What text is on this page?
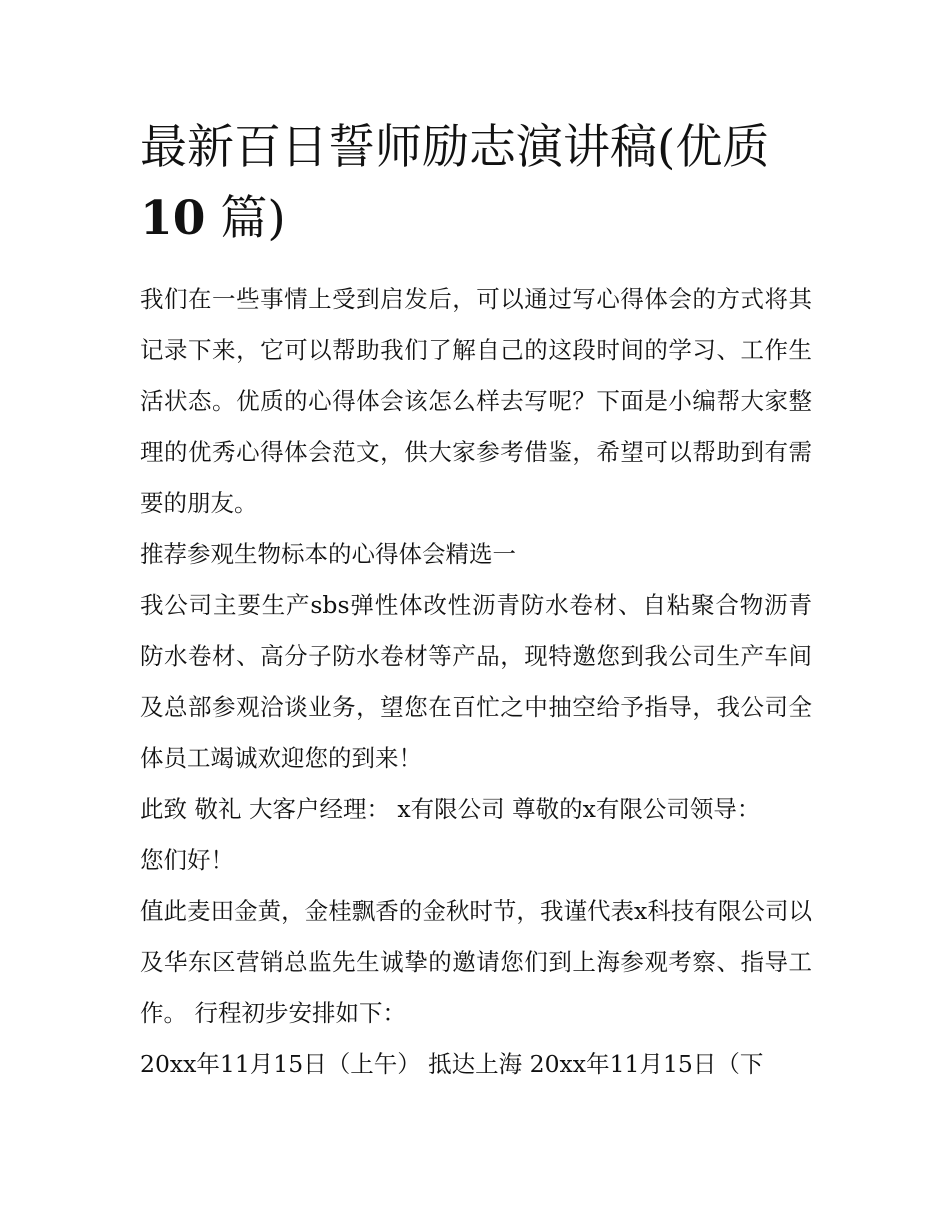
最新百日誓师励志演讲稿(优质10 篇)

我们在一些事情上受到启发后，可以通过写心得体会的方式将其记录下来，它可以帮助我们了解自己的这段时间的学习、工作生活状态。优质的心得体会该怎么样去写呢？下面是小编帮大家整理的优秀心得体会范文，供大家参考借鉴，希望可以帮助到有需要的朋友。

推荐参观生物标本的心得体会精选一

我公司主要生产sbs弹性体改性沥青防水卷材、自粘聚合物沥青防水卷材、高分子防水卷材等产品，现特邀您到我公司生产车间及总部参观洽谈业务，望您在百忙之中抽空给予指导，我公司全体员工竭诚欢迎您的到来！

此致 敬礼 大客户经理： x有限公司 尊敬的x有限公司领导：

您们好！

值此麦田金黄，金桂飘香的金秋时节，我谨代表x科技有限公司以及华东区营销总监先生诚挚的邀请您们到上海参观考察、指导工作。 行程初步安排如下：

20xx年11月15日（上午） 抵达上海 20xx年11月15日（下
